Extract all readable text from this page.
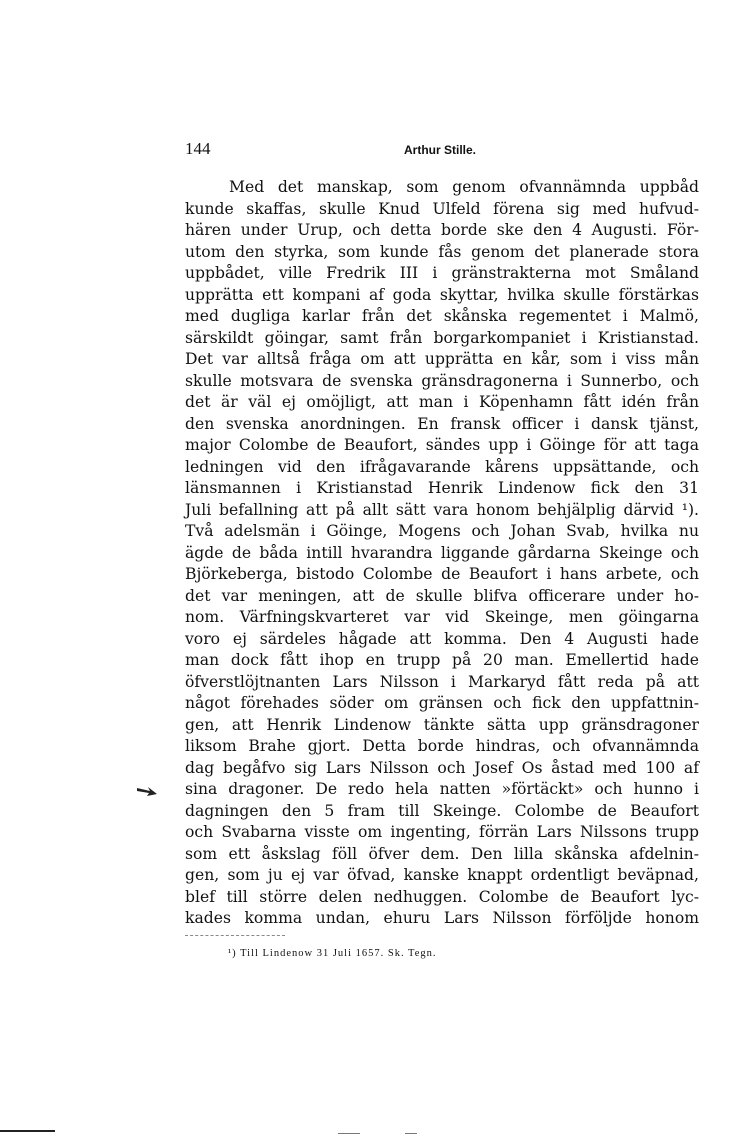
144	Arthur Stille.
Med det manskap, som genom ofvannämnda uppbåd
kunde skaffas, skulle Knud Ulfeld förena sig med hufvud-
hären under Urup, och detta borde ske den 4 Augusti. För-
utom den styrka, som kunde fås genom det planerade stora
uppbådet, ville Fredrik III i gränstrakterna mot Småland
upprätta ett kompani af goda skyttar, hvilka skulle förstärkas
med dugliga karlar från det skånska regementet i Malmö,
särskildt göingar, samt från borgarkompaniet i Kristianstad.
Det var alltså fråga om att upprätta en kår, som i viss mån
skulle motsvara de svenska gränsdragonerna i Sunnerbo, och
det är väl ej omöjligt, att man i Köpenhamn fått idén från
den svenska anordningen. En fransk officer i dansk tjänst,
major Colombe de Beaufort, sändes upp i Göinge för att taga
ledningen vid den ifrågavarande kårens uppsättande, och
länsmannen i Kristianstad Henrik Lindenow fick den 31
Juli befallning att på allt sätt vara honom behjälplig därvid ¹).
Två adelsmän i Göinge, Mogens och Johan Svab, hvilka nu
ägde de båda intill hvarandra liggande gårdarna Skeinge och
Björkeberga, bistodo Colombe de Beaufort i hans arbete, och
det var meningen, att de skulle blifva officerare under ho-
nom. Värfningskvarteret var vid Skeinge, men göingarna
voro ej särdeles hågade att komma. Den 4 Augusti hade
man dock fått ihop en trupp på 20 man. Emellertid hade
öfverstlöjtnanten Lars Nilsson i Markaryd fått reda på att
något förehades söder om gränsen och fick den uppfattnin-
gen, att Henrik Lindenow tänkte sätta upp gränsdragoner
liksom Brahe gjort. Detta borde hindras, och ofvannämnda
dag begåfvo sig Lars Nilsson och Josef Os åstad med 100 af
sina dragoner. De redo hela natten »förtäckt» och hunno i
dagningen den 5 fram till Skeinge. Colombe de Beaufort
och Svabarna visste om ingenting, förrän Lars Nilssons trupp
som ett åskslag föll öfver dem. Den lilla skånska afdelnin-
gen, som ju ej var öfvad, kanske knappt ordentligt beväpnad,
blef till större delen nedhuggen. Colombe de Beaufort lyc-
kades komma undan, ehuru Lars Nilsson förföljde honom
¹) Till Lindenow 31 Juli 1657. Sk. Tegn.
